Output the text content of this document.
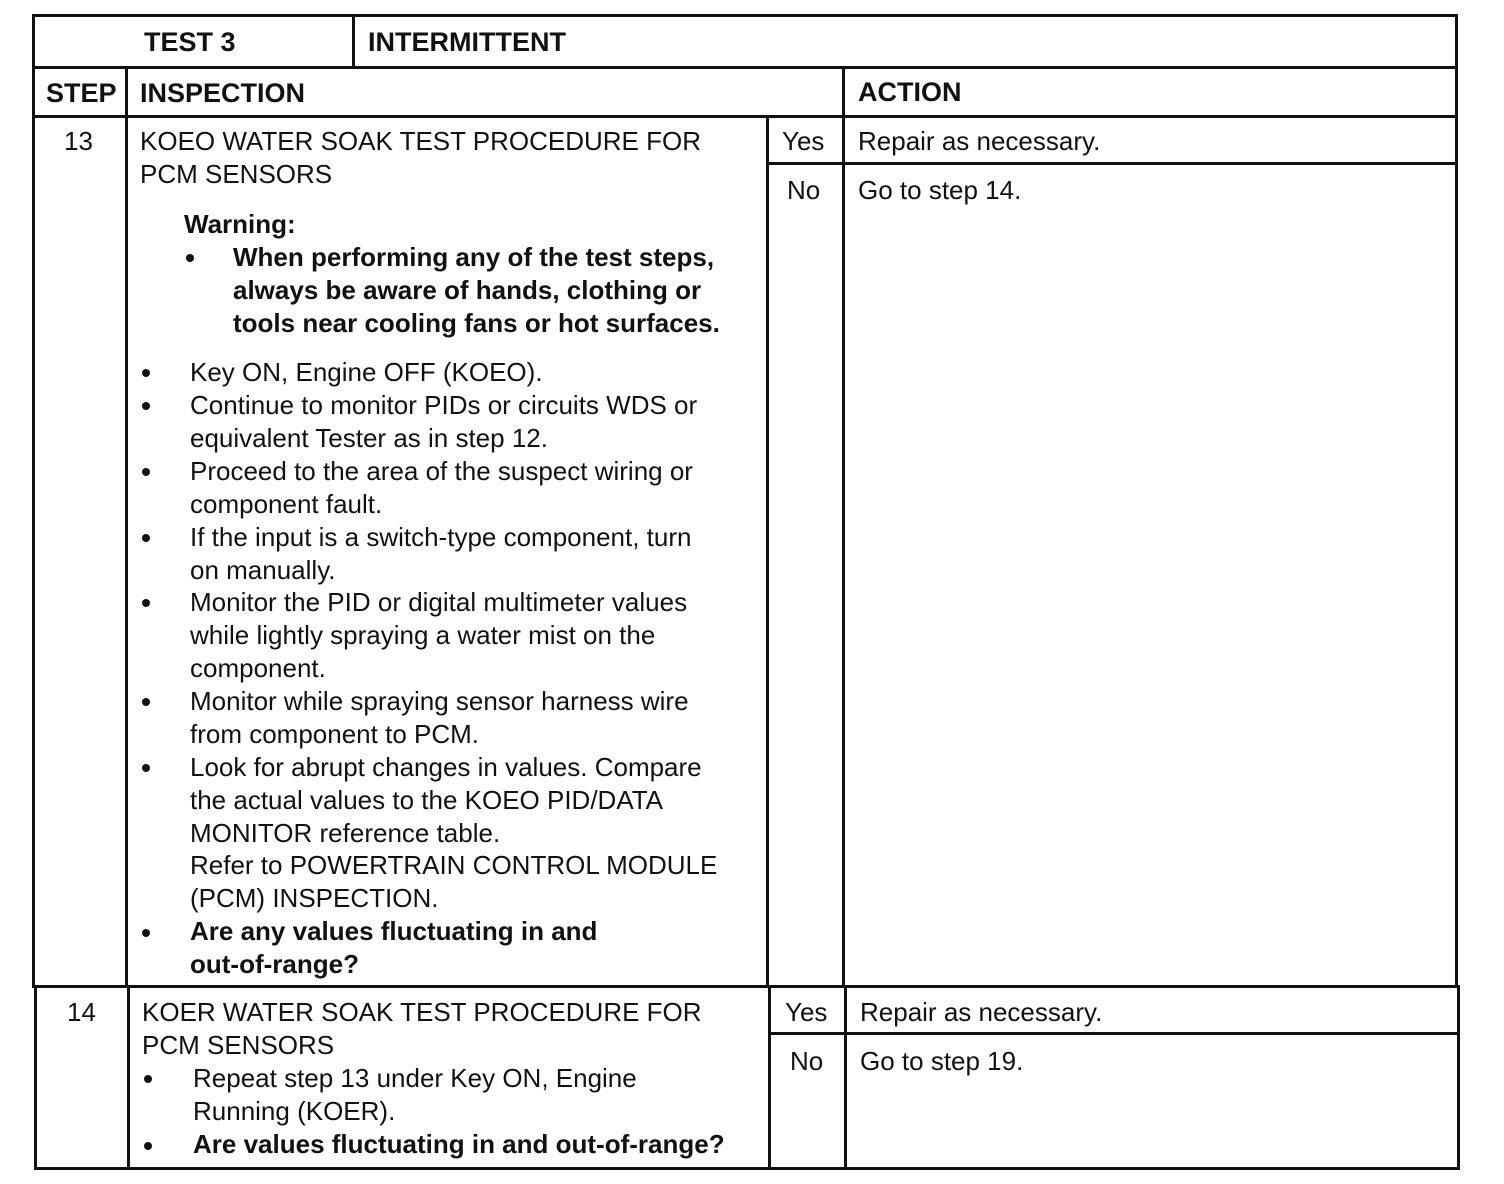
TEST 3	INTERMITTENT
STEP INSPECTION	ACTION
13 KOEO WATER SOAK TEST PROCEDURE FOR
PCM SENSORS
Warning:
When performing any of the test steps,
always be aware of hands, clothing or
tools near cooling fans or hot surfaces.
Key ON, Engine OFF (KOEO).
Continue to monitor PIDs or circuits WDS or
equivalent Tester as in step 12.
Proceed to the area of the suspect wiring or
component fault.
If the input is a switch-type component, turn
on manually.
Monitor the PID or digital multimeter values
while lightly spraying a water mist on the
component.
Monitor while spraying sensor harness wire
from component to PCM.
Look for abrupt changes in values. Compare
the actual values to the KOEO PID/DATA
MONITOR reference table.
Refer to POWERTRAIN CONTROL MODULE
(PCM) INSPECTION.
Are any values fluctuating in and
out-of-range?
Yes Repair as necessary.
No Go to step 14.
14 KOER WATER SOAK TEST PROCEDURE FOR
PCM SENSORS
Repeat step 13 under Key ON, Engine
Running (KOER).
Are values fluctuating in and out-of-range?
Yes Repair as necessary.
No Go to step 19.
